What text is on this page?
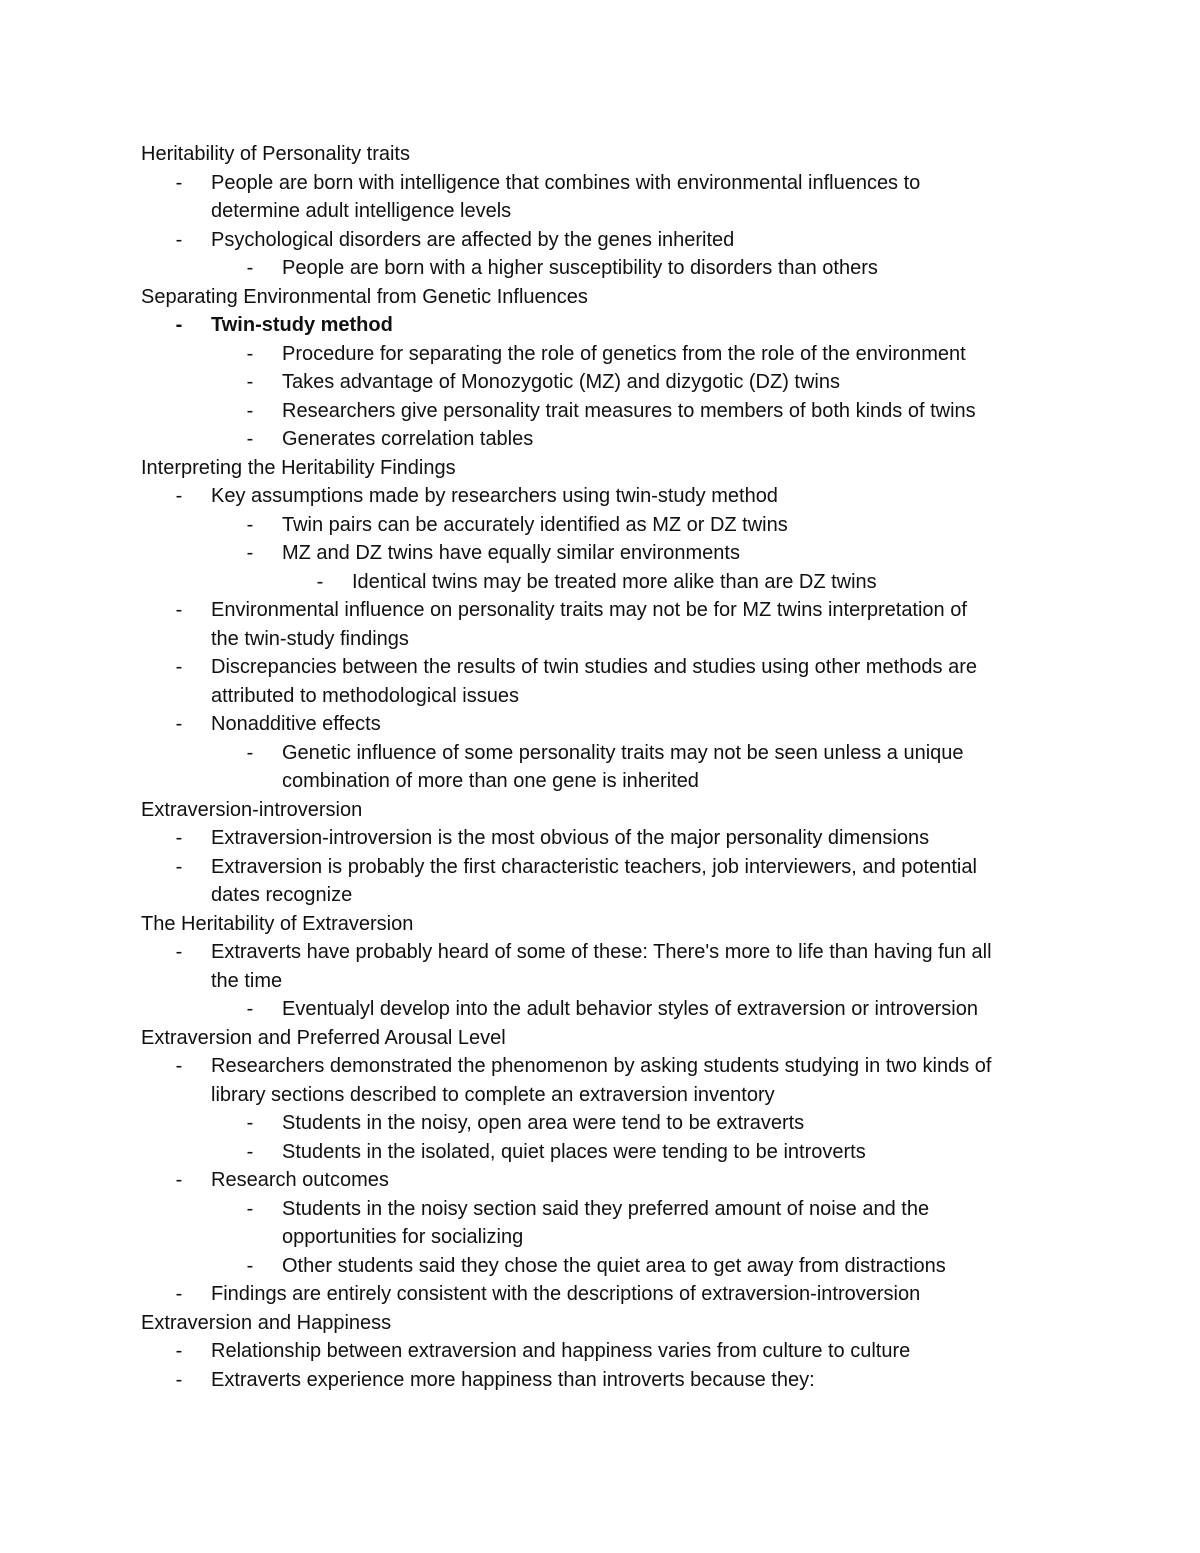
Heritability of Personality traits
- People are born with intelligence that combines with environmental influences to
determine adult intelligence levels
- Psychological disorders are affected by the genes inherited
- People are born with a higher susceptibility to disorders than others
Separating Environmental from Genetic Influences
- Twin-study method
- Procedure for separating the role of genetics from the role of the environment
- Takes advantage of Monozygotic (MZ) and dizygotic (DZ) twins
- Researchers give personality trait measures to members of both kinds of twins
- Generates correlation tables
Interpreting the Heritability Findings
- Key assumptions made by researchers using twin-study method
- Twin pairs can be accurately identified as MZ or DZ twins
- MZ and DZ twins have equally similar environments
- Identical twins may be treated more alike than are DZ twins
- Environmental influence on personality traits may not be for MZ twins interpretation of
the twin-study findings
- Discrepancies between the results of twin studies and studies using other methods are
attributed to methodological issues
- Nonadditive effects
- Genetic influence of some personality traits may not be seen unless a unique
combination of more than one gene is inherited
Extraversion-introversion
- Extraversion-introversion is the most obvious of the major personality dimensions
- Extraversion is probably the first characteristic teachers, job interviewers, and potential
dates recognize
The Heritability of Extraversion
- Extraverts have probably heard of some of these: There's more to life than having fun all
the time
- Eventualyl develop into the adult behavior styles of extraversion or introversion
Extraversion and Preferred Arousal Level
- Researchers demonstrated the phenomenon by asking students studying in two kinds of
library sections described to complete an extraversion inventory
- Students in the noisy, open area were tend to be extraverts
- Students in the isolated, quiet places were tending to be introverts
- Research outcomes
- Students in the noisy section said they preferred amount of noise and the
opportunities for socializing
- Other students said they chose the quiet area to get away from distractions
- Findings are entirely consistent with the descriptions of extraversion-introversion
Extraversion and Happiness
- Relationship between extraversion and happiness varies from culture to culture
- Extraverts experience more happiness than introverts because they:
